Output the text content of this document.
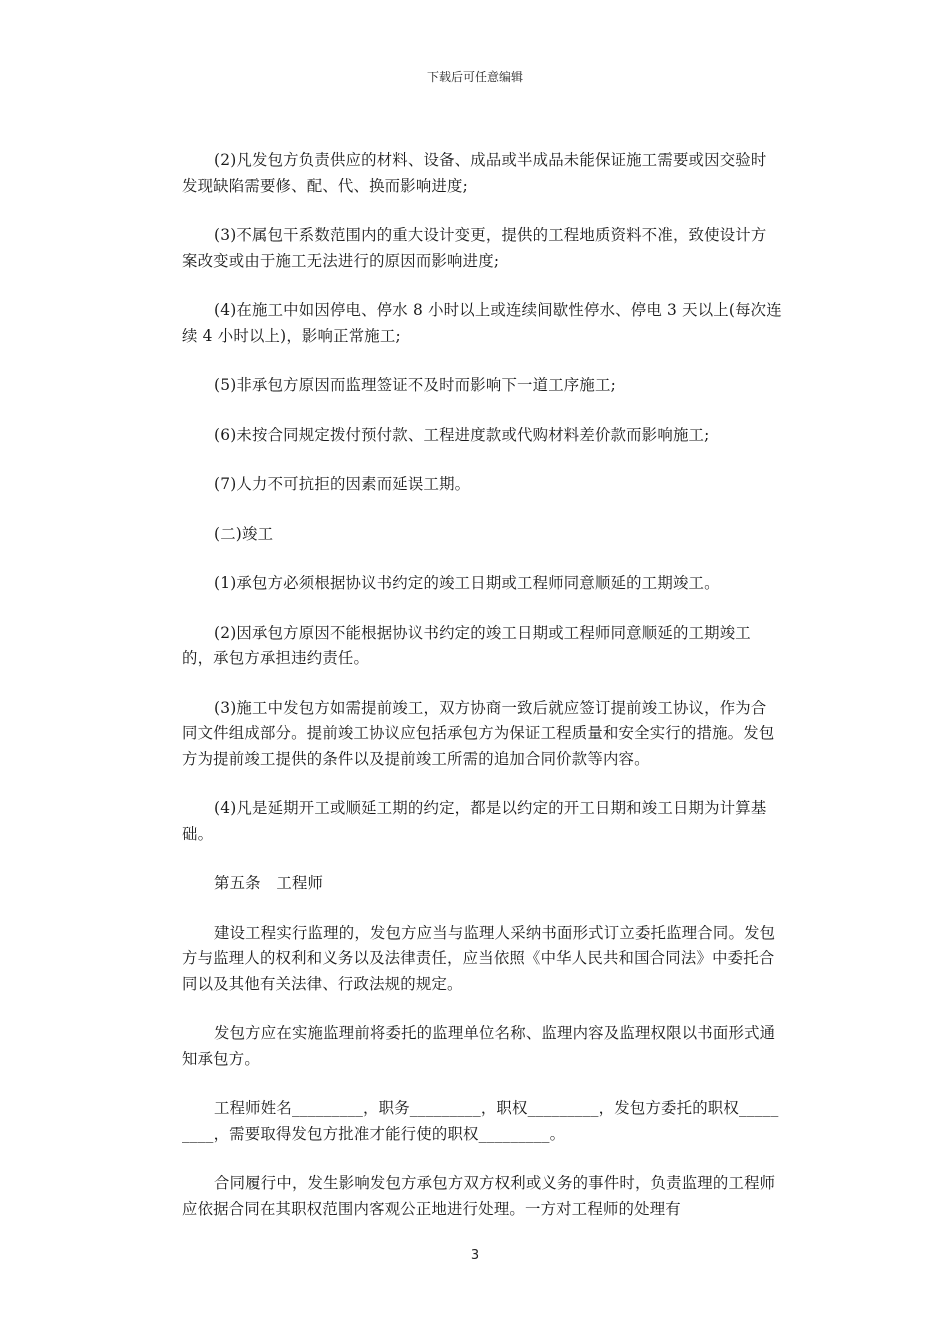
下载后可任意编辑

(2)凡发包方负责供应的材料、设备、成品或半成品未能保证施工需要或因交验时发现缺陷需要修、配、代、换而影响进度;

(3)不属包干系数范围内的重大设计变更，提供的工程地质资料不准，致使设计方案改变或由于施工无法进行的原因而影响进度;

(4)在施工中如因停电、停水 8 小时以上或连续间歇性停水、停电 3 天以上(每次连续 4 小时以上)，影响正常施工;

(5)非承包方原因而监理签证不及时而影响下一道工序施工;

(6)未按合同规定拨付预付款、工程进度款或代购材料差价款而影响施工;

(7)人力不可抗拒的因素而延误工期。

(二)竣工

(1)承包方必须根据协议书约定的竣工日期或工程师同意顺延的工期竣工。

(2)因承包方原因不能根据协议书约定的竣工日期或工程师同意顺延的工期竣工的，承包方承担违约责任。

(3)施工中发包方如需提前竣工，双方协商一致后就应签订提前竣工协议，作为合同文件组成部分。提前竣工协议应包括承包方为保证工程质量和安全实行的措施。发包方为提前竣工提供的条件以及提前竣工所需的追加合同价款等内容。

(4)凡是延期开工或顺延工期的约定，都是以约定的开工日期和竣工日期为计算基础。

第五条　工程师

建设工程实行监理的，发包方应当与监理人采纳书面形式订立委托监理合同。发包方与监理人的权利和义务以及法律责任，应当依照《中华人民共和国合同法》中委托合同以及其他有关法律、行政法规的规定。

发包方应在实施监理前将委托的监理单位名称、监理内容及监理权限以书面形式通知承包方。

工程师姓名_________，职务_________，职权_________，发包方委托的职权_________，需要取得发包方批准才能行使的职权_________。

合同履行中，发生影响发包方承包方双方权利或义务的事件时，负责监理的工程师应依据合同在其职权范围内客观公正地进行处理。一方对工程师的处理有

3
